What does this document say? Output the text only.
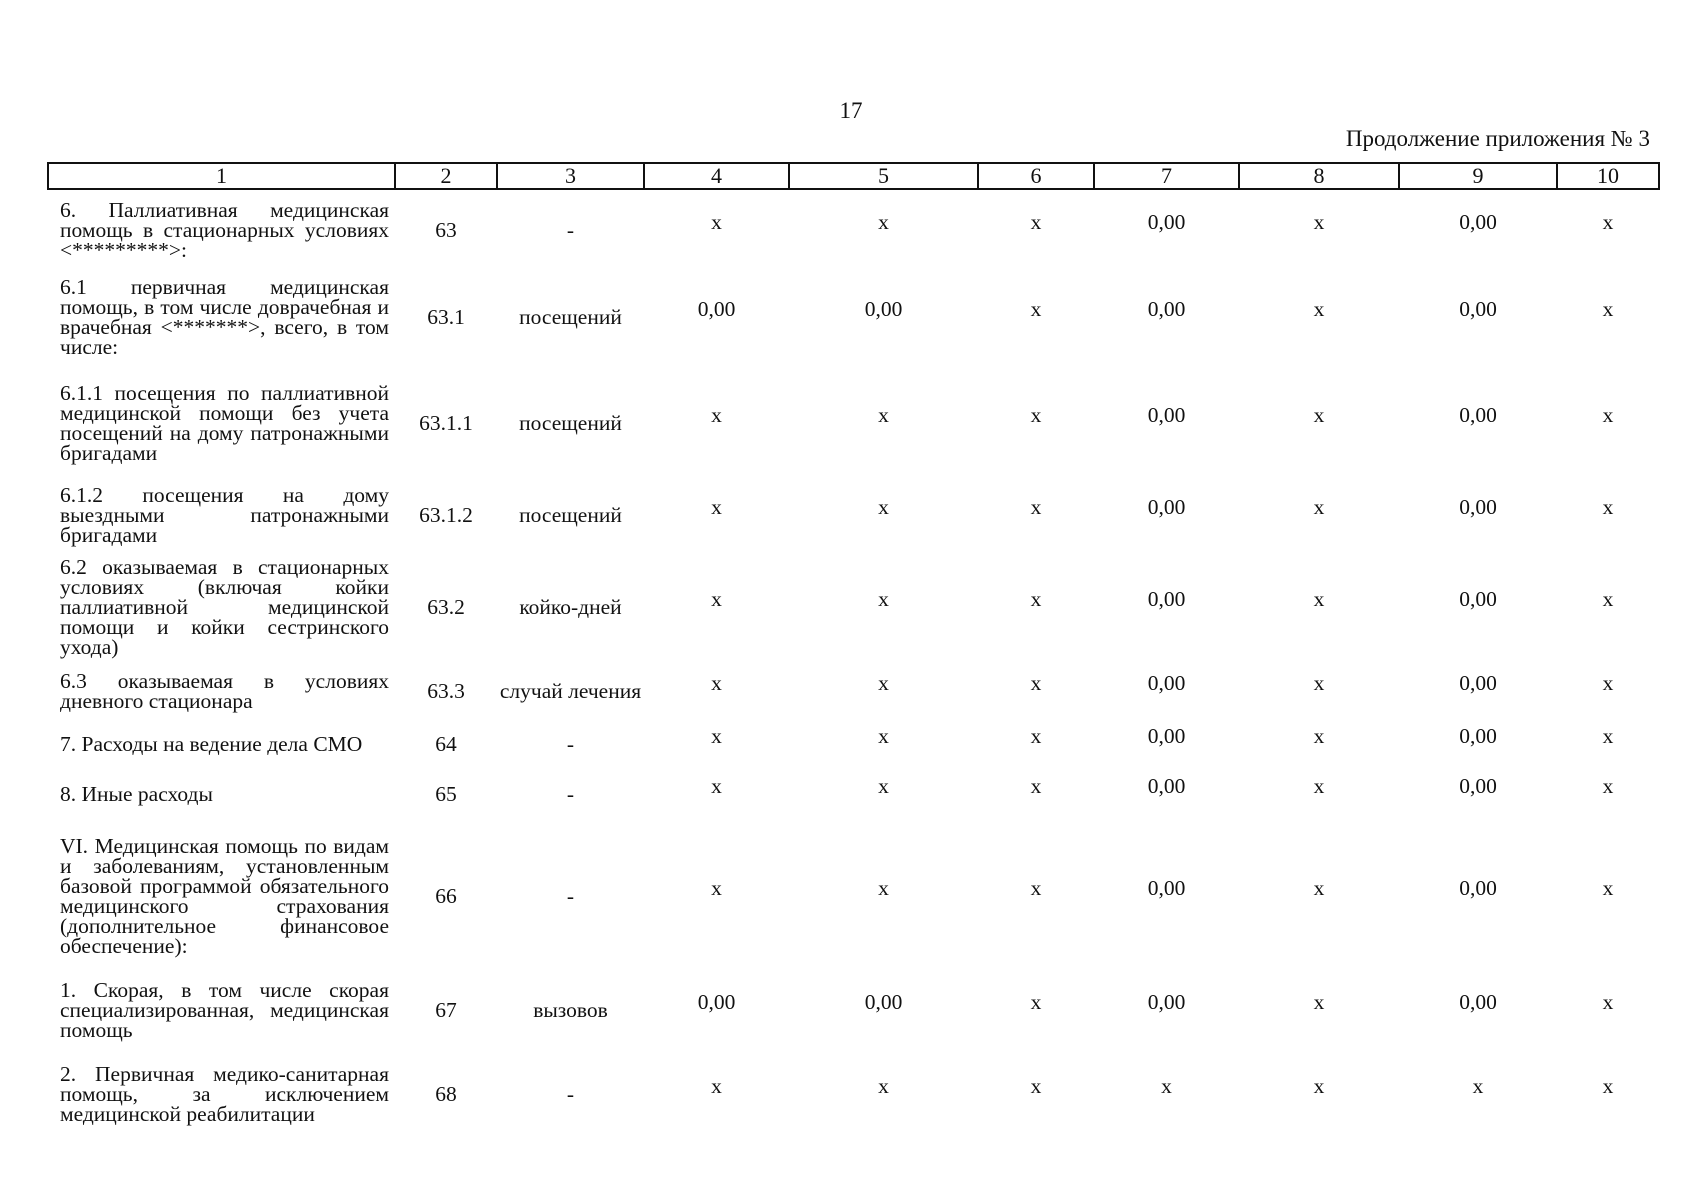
17
Продолжение приложения № 3
1	2	3	4	5	6	7	8	9	10
6. Паллиативная медицинская помощь в стационарных условиях <*********>:	63	-	х	х	х	0,00	х	0,00	х
6.1 первичная медицинская помощь, в том числе доврачебная и врачебная <*******>, всего, в том числе:	63.1	посещений	0,00	0,00	х	0,00	х	0,00	х
6.1.1 посещения по паллиативной медицинской помощи без учета посещений на дому патронажными бригадами	63.1.1	посещений	х	х	х	0,00	х	0,00	х
6.1.2 посещения на дому выездными патронажными бригадами	63.1.2	посещений	х	х	х	0,00	х	0,00	х
6.2 оказываемая в стационарных условиях (включая койки паллиативной медицинской помощи и койки сестринского ухода)	63.2	койко-дней	х	х	х	0,00	х	0,00	х
6.3 оказываемая в условиях дневного стационара	63.3	случай лечения	х	х	х	0,00	х	0,00	х
7. Расходы на ведение дела СМО	64	-	х	х	х	0,00	х	0,00	х
8. Иные расходы	65	-	х	х	х	0,00	х	0,00	х
VI. Медицинская помощь по видам и заболеваниям, установленным базовой программой обязательного медицинского страхования (дополнительное финансовое обеспечение):	66	-	х	х	х	0,00	х	0,00	х
1. Скорая, в том числе скорая специализированная, медицинская помощь	67	вызовов	0,00	0,00	х	0,00	х	0,00	х
2. Первичная медико-санитарная помощь, за исключением медицинской реабилитации	68	-	х	х	х	х	х	х	х
